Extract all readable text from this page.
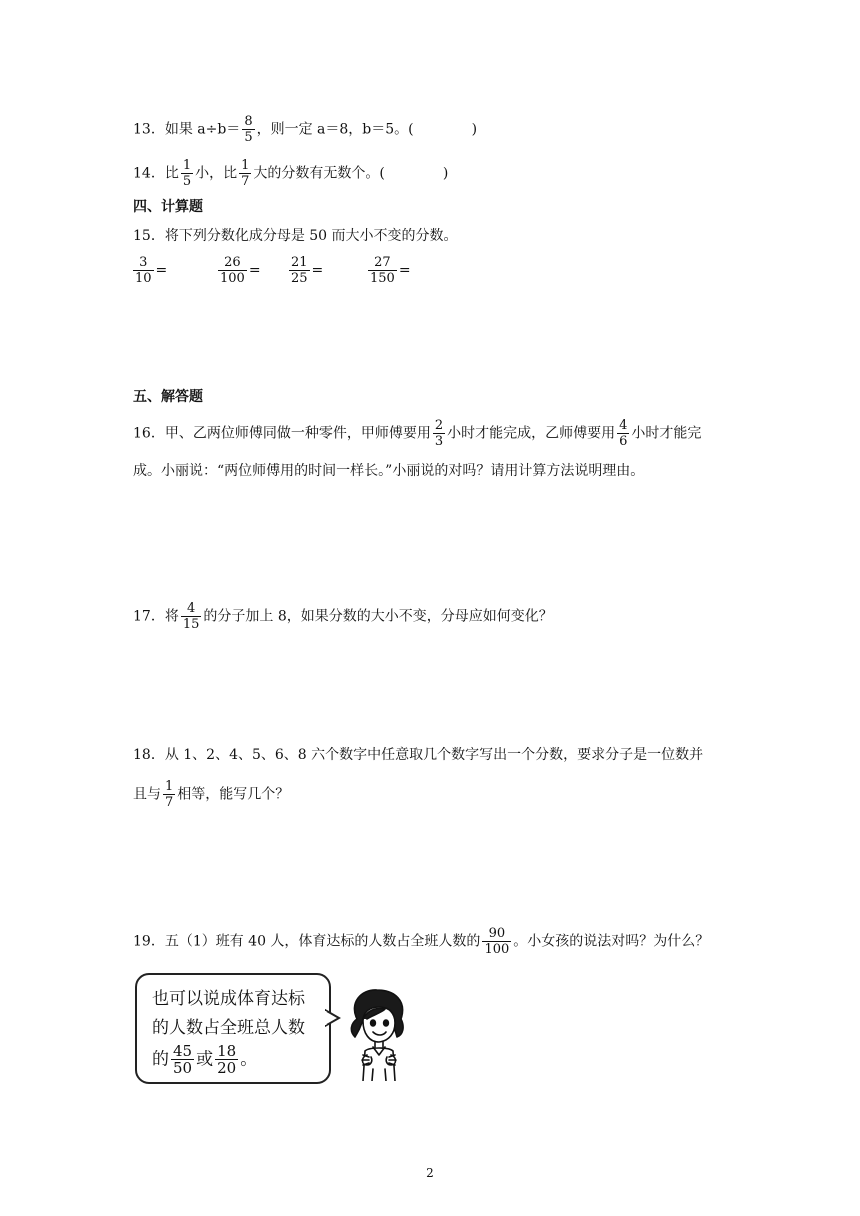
13．如果 $a\div b= \frac{8}{5}$ ，则一定 a＝8，b＝5。(	)
14．比 $\frac{1}{5}$ 小，比 $\frac{1}{7}$ 大的分数有无数个。(	)
四、计算题
15．将下列分数化成分母是 50 而大小不变的分数。
$\frac{3}{10}$ =	$\frac{26}{100} = \frac{21}{25}$ =	$\frac{27}{150}$ =
五、解答题
16．甲、乙两位师傅同做一种零件，甲师傅要用 $\frac{2}{3}$ 小时才能完成，乙师傅要用 $\frac{4}{6}$ 小时才能完
成。小丽说：“两位师傅用的时间一样长。”小丽说的对吗？请用计算方法说明理由。
17．将 $\frac{4}{15}$ 的分子加上 8，如果分数的大小不变，分母应如何变化？
18．从 1、2、4、5、6、8 六个数字中任意取几个数字写出一个分数，要求分子是一位数并
且与 $\frac{1}{7}$ 相等，能写几个？
19．五（1）班有 40 人，体育达标的人数占全班人数的 $\frac{90}{100}$ 。小女孩的说法对吗？为什么？
也可以说成体育达标
的人数占全班总人数
的 $\frac{45}{50}$ 或 $\frac{18}{20}$ 。
2
